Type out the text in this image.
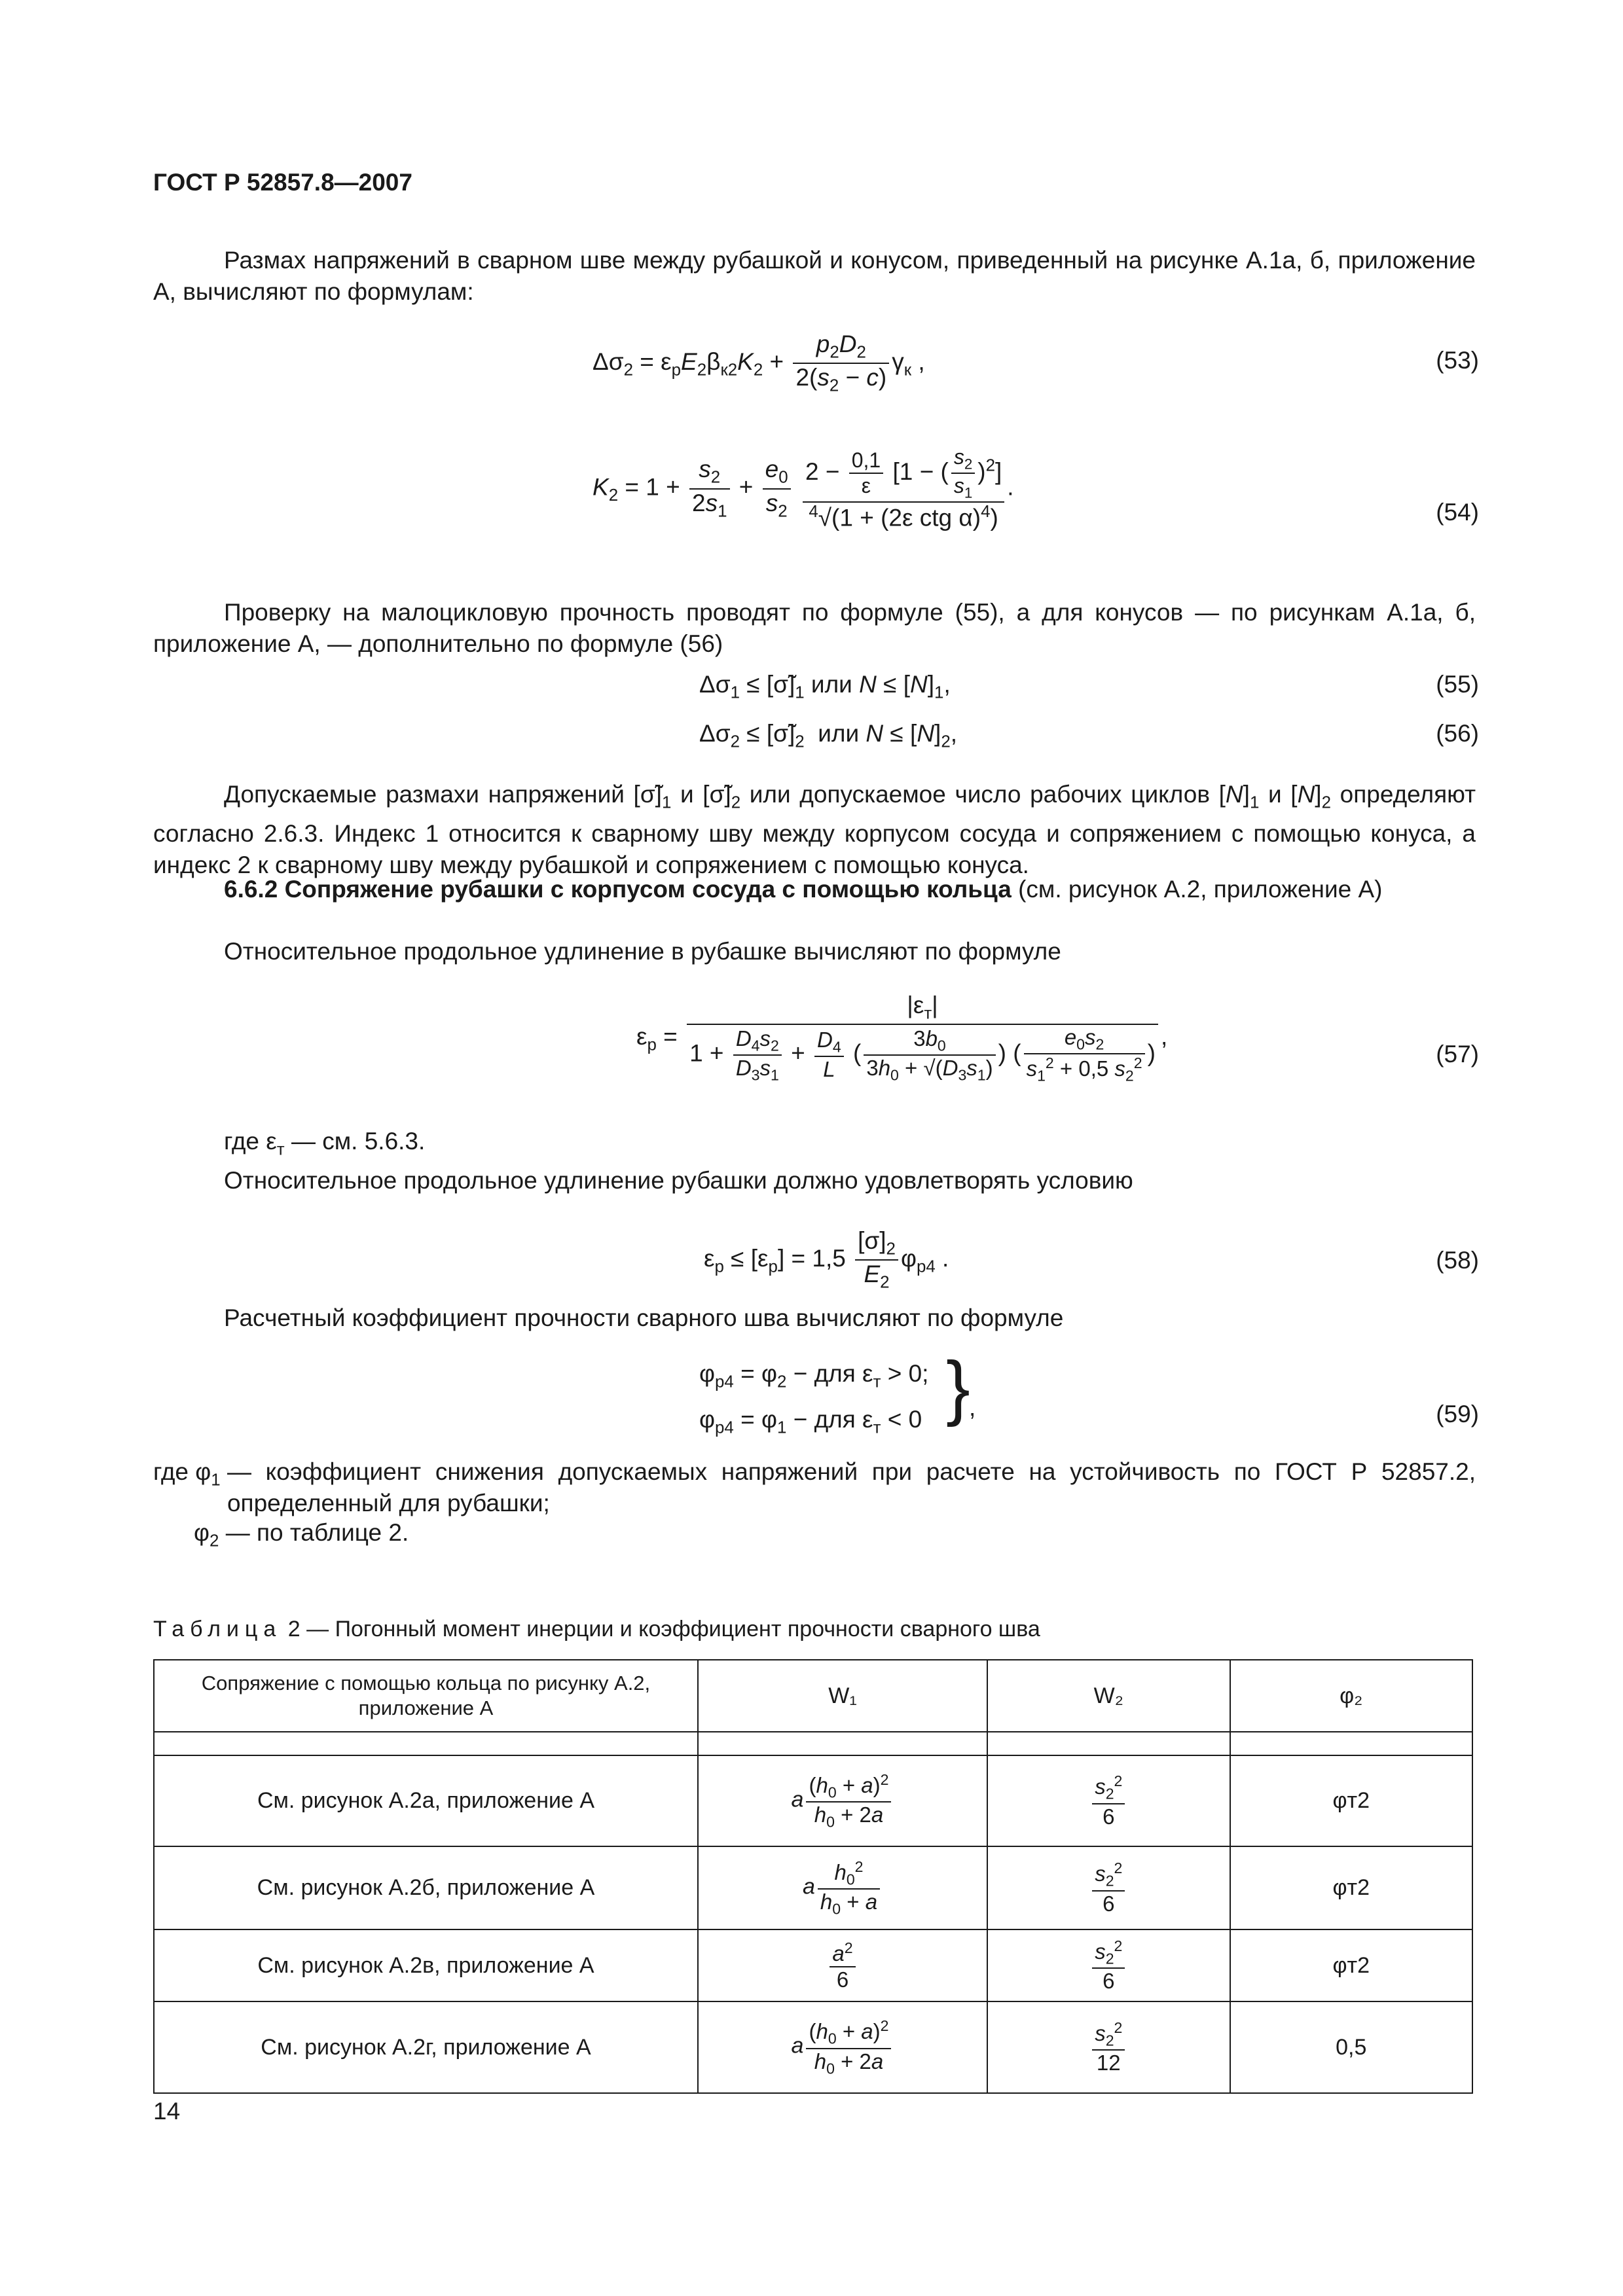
ГОСТ Р 52857.8—2007
Размах напряжений в сварном шве между рубашкой и конусом, приведенный на рисунке А.1а, б, приложение А, вычисляют по формулам:
$\Delta\sigma_2 = \varepsilon_рE_2\beta_{к2}K_2 + \frac{p_2D_2}{2(s_2 - c)} \gamma_к$ ,	(53)
$K_2 = 1 + \frac{s_2}{2s_1} + \frac{e_0}{s_2}$
$\frac{2 - \frac{0,1}{\varepsilon} [1 - ( \frac{s_2}{s_1} )^2]}{^4√(1 + (2\varepsilon ctg \alpha)^4)}$ .
(54)
Проверку на малоцикловую прочность проводят по формуле (55), а для конусов — по рисункам А.1а, б, приложение А, — дополнительно по формуле (56)
$\Delta\sigma_1$ ≤ $[\sigmã]_1$ или $N \le [N]_1$,	(55)
$\Delta\sigma_2$ ≤ $[\sigmã]_2$ или $N \le [N]_2$,	(56)
Допускаемые размахи напряжений $[\sigmã]_1$ и $[\sigmã]_2$ или допускаемое число рабочих циклов $[N]_1$ и $[N]_2$ определяют согласно 2.6.3. Индекс 1 относится к сварному шву между корпусом сосуда и сопряжением с помощью конуса, а индекс 2 к сварному шву между рубашкой и сопряжением с помощью конуса.
6.6.2 Сопряжение рубашки с корпусом сосуда с помощью кольца (см. рисунок А.2, приложение А)
Относительное продольное удлинение в рубашке вычисляют по формуле
$\varepsilon_р$ =
$|\varepsilon_т|$
$1 + \frac{D_4s_2}{D_3s_1} + \frac{D_4}{L}$ ( $\frac{3b_0}{3h_0 + √(D_3s_1)}$ ) ( $\frac{e_0s_2}{s_1^2 + 0,5 s_2^2}$ )
,
(57)
где $\varepsilon_т$ — см. 5.6.3.
Относительное продольное удлинение рубашки должно удовлетворять условию
$\varepsilon_р \le [\varepsilon_р] = 1,5 \frac{[\sigma]_2}{E_2} \varphi_{р4}$ .	(58)
Расчетный коэффициент прочности сварного шва вычисляют по формуле
$\varphi_{р4} = \varphi_2$ − для $\varepsilon_т > 0$;
$\varphi_{р4} = \varphi_1$ − для $\varepsilon_т < 0$ }
,	(59)
где $\varphi_1$ — коэффициент снижения допускаемых напряжений при расчете на устойчивость по ГОСТ Р 52857.2, определенный для рубашки;
$\varphi_2$ — по таблице 2.
Таблица 2 — Погонный момент инерции и коэффициент прочности сварного шва
Сопряжение с помощью кольца по рисунку А.2, приложение А	W₁	W₂	φ₂

См. рисунок А.2а, приложение А	a $\frac{(h_0 + a)^2}{h_0 + 2a}$	$\frac{s_2^2}{6}$	φт2
См. рисунок А.2б, приложение А	a $\frac{h_0^2}{h_0 + a}$	$\frac{s_2^2}{6}$	φт2
См. рисунок А.2в, приложение А	$\frac{a^2}{6}$	$\frac{s_2^2}{6}$	φт2
См. рисунок А.2г, приложение А	a $\frac{(h_0 + a)^2}{h_0 + 2a}$	$\frac{s_2^2}{12}$	0,5
14
